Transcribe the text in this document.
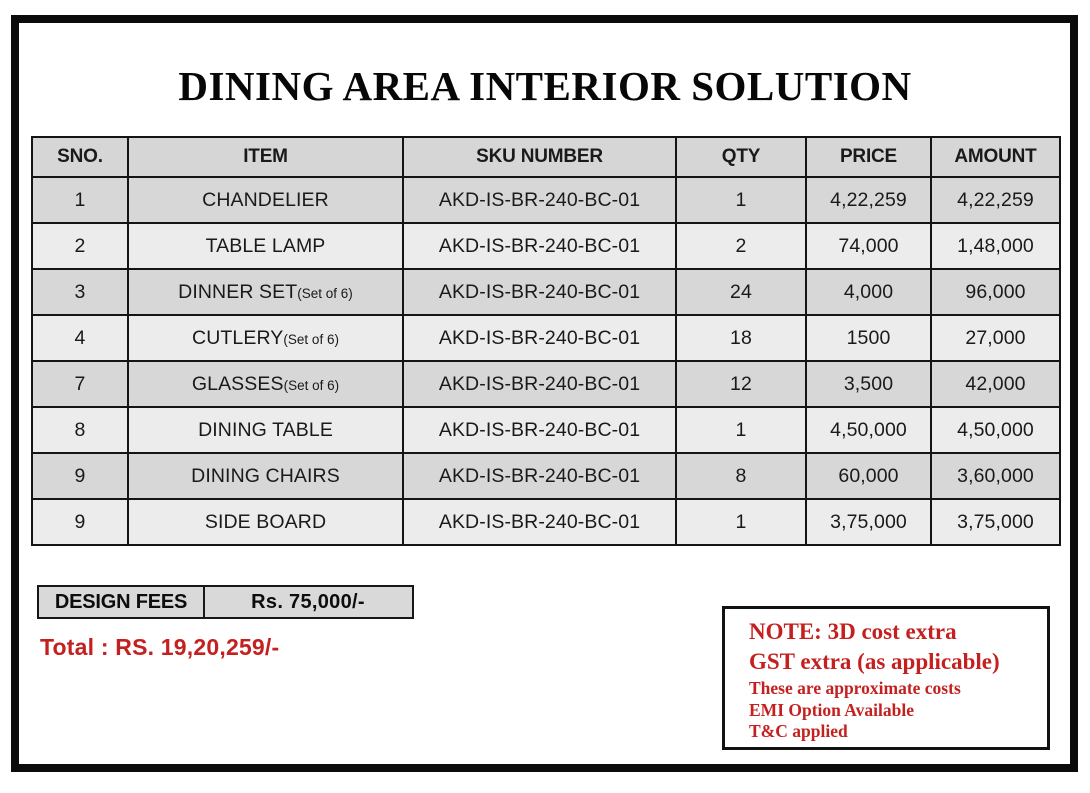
DINING AREA INTERIOR SOLUTION
SNO.	ITEM	SKU NUMBER	QTY	PRICE	AMOUNT
1	CHANDELIER	AKD-IS-BR-240-BC-01	1	4,22,259	4,22,259
2	TABLE LAMP	AKD-IS-BR-240-BC-01	2	74,000	1,48,000
3	DINNER SET(Set of 6)	AKD-IS-BR-240-BC-01	24	4,000	96,000
4	CUTLERY(Set of 6)	AKD-IS-BR-240-BC-01	18	1500	27,000
7	GLASSES(Set of 6)	AKD-IS-BR-240-BC-01	12	3,500	42,000
8	DINING TABLE	AKD-IS-BR-240-BC-01	1	4,50,000	4,50,000
9	DINING CHAIRS	AKD-IS-BR-240-BC-01	8	60,000	3,60,000
9	SIDE BOARD	AKD-IS-BR-240-BC-01	1	3,75,000	3,75,000
DESIGN FEES	Rs. 75,000/-
Total : RS. 19,20,259/-
NOTE: 3D cost extra
GST extra (as applicable)
These are approximate costs
EMI Option Available
T&C applied
